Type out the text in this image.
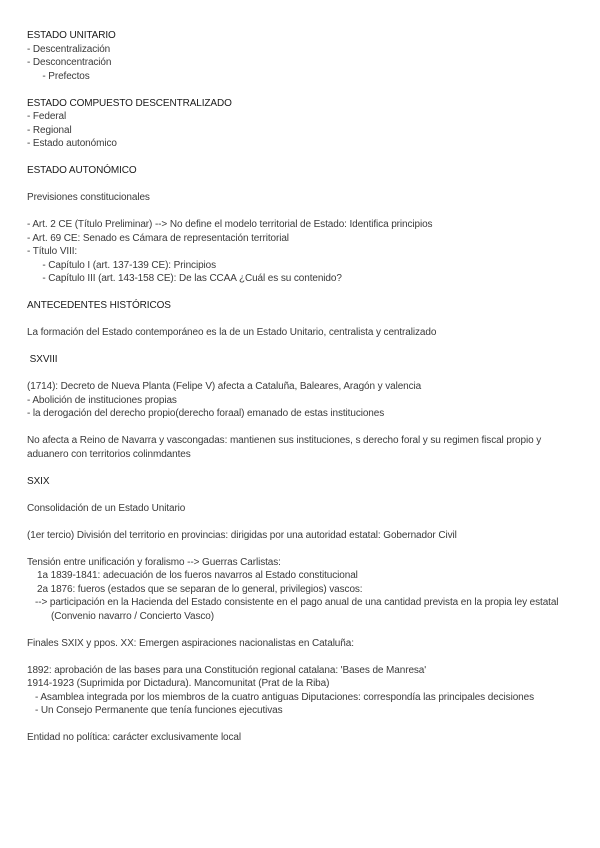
ESTADO UNITARIO
- Descentralización
- Desconcentración
- Prefectos
ESTADO COMPUESTO DESCENTRALIZADO
- Federal
- Regional
- Estado autonómico
ESTADO AUTONÓMICO
Previsiones constitucionales
- Art. 2 CE (Título Preliminar) --> No define el modelo territorial de Estado: Identifica principios
- Art. 69 CE: Senado es Cámara de representación territorial
- Título VIII:
- Capítulo I (art. 137-139 CE): Principios
- Capítulo III (art. 143-158 CE): De las CCAA ¿Cuál es su contenido?
ANTECEDENTES HISTÓRICOS
La formación del Estado contemporáneo es la de un Estado Unitario, centralista y centralizado
SXVIII
(1714): Decreto de Nueva Planta (Felipe V) afecta a Cataluña, Baleares, Aragón y valencia
- Abolición de instituciones propias
- la derogación del derecho propio(derecho foraal) emanado de estas instituciones
No afecta a Reino de Navarra y vascongadas: mantienen sus instituciones, s derecho foral y su regimen fiscal propio y aduanero con territorios colinmdantes
SXIX
Consolidación de un Estado Unitario
(1er tercio) División del territorio en provincias: dirigidas por una autoridad estatal: Gobernador Civil
Tensión entre unificación y foralismo --> Guerras Carlistas:
1a 1839-1841: adecuación de los fueros navarros al Estado constitucional
2a 1876: fueros (estados que se separan de lo general, privilegios) vascos:
--> participación en la Hacienda del Estado consistente en el pago anual de una cantidad prevista en la propia ley estatal
(Convenio navarro / Concierto Vasco)
Finales SXIX y ppos. XX: Emergen aspiraciones nacionalistas en Cataluña:
1892: aprobación de las bases para una Constitución regional catalana: 'Bases de Manresa'
1914-1923 (Suprimida por Dictadura). Mancomunitat (Prat de la Riba)
- Asamblea integrada por los miembros de la cuatro antiguas Diputaciones: correspondía las principales decisiones
- Un Consejo Permanente que tenía funciones ejecutivas
Entidad no política: carácter exclusivamente local
